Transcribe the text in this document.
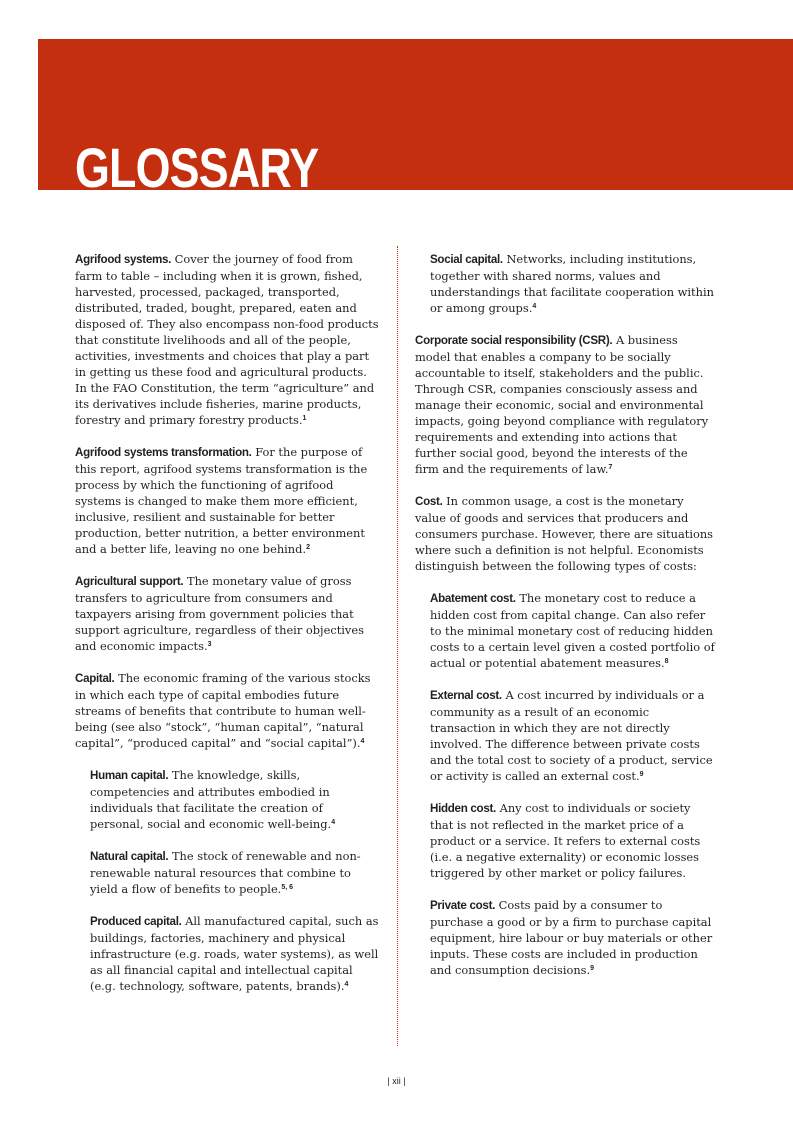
GLOSSARY

Agrifood systems. Cover the journey of food from farm to table – including when it is grown, fished, harvested, processed, packaged, transported, distributed, traded, bought, prepared, eaten and disposed of. They also encompass non-food products that constitute livelihoods and all of the people, activities, investments and choices that play a part in getting us these food and agricultural products. In the FAO Constitution, the term “agriculture” and its derivatives include fisheries, marine products, forestry and primary forestry products.$^1$

Agrifood systems transformation. For the purpose of this report, agrifood systems transformation is the process by which the functioning of agrifood systems is changed to make them more efficient, inclusive, resilient and sustainable for better production, better nutrition, a better environment and a better life, leaving no one behind.$^2$

Agricultural support. The monetary value of gross transfers to agriculture from consumers and taxpayers arising from government policies that support agriculture, regardless of their objectives and economic impacts.$^3$

Capital. The economic framing of the various stocks in which each type of capital embodies future streams of benefits that contribute to human well-being (see also “stock”, “human capital”, “natural capital”, “produced capital” and “social capital”).$^4$

Human capital. The knowledge, skills, competencies and attributes embodied in individuals that facilitate the creation of personal, social and economic well-being.$^4$

Natural capital. The stock of renewable and non-renewable natural resources that combine to yield a flow of benefits to people.$^{5, 6}$

Produced capital. All manufactured capital, such as buildings, factories, machinery and physical infrastructure (e.g. roads, water systems), as well as all financial capital and intellectual capital (e.g. technology, software, patents, brands).$^4$

Social capital. Networks, including institutions, together with shared norms, values and understandings that facilitate cooperation within or among groups.$^4$

Corporate social responsibility (CSR). A business model that enables a company to be socially accountable to itself, stakeholders and the public. Through CSR, companies consciously assess and manage their economic, social and environmental impacts, going beyond compliance with regulatory requirements and extending into actions that further social good, beyond the interests of the firm and the requirements of law.$^7$

Cost. In common usage, a cost is the monetary value of goods and services that producers and consumers purchase. However, there are situations where such a definition is not helpful. Economists distinguish between the following types of costs:

Abatement cost. The monetary cost to reduce a hidden cost from capital change. Can also refer to the minimal monetary cost of reducing hidden costs to a certain level given a costed portfolio of actual or potential abatement measures.$^8$

External cost. A cost incurred by individuals or a community as a result of an economic transaction in which they are not directly involved. The difference between private costs and the total cost to society of a product, service or activity is called an external cost.$^9$

Hidden cost. Any cost to individuals or society that is not reflected in the market price of a product or a service. It refers to external costs (i.e. a negative externality) or economic losses triggered by other market or policy failures.

Private cost. Costs paid by a consumer to purchase a good or by a firm to purchase capital equipment, hire labour or buy materials or other inputs. These costs are included in production and consumption decisions.$^9$

| xii |
